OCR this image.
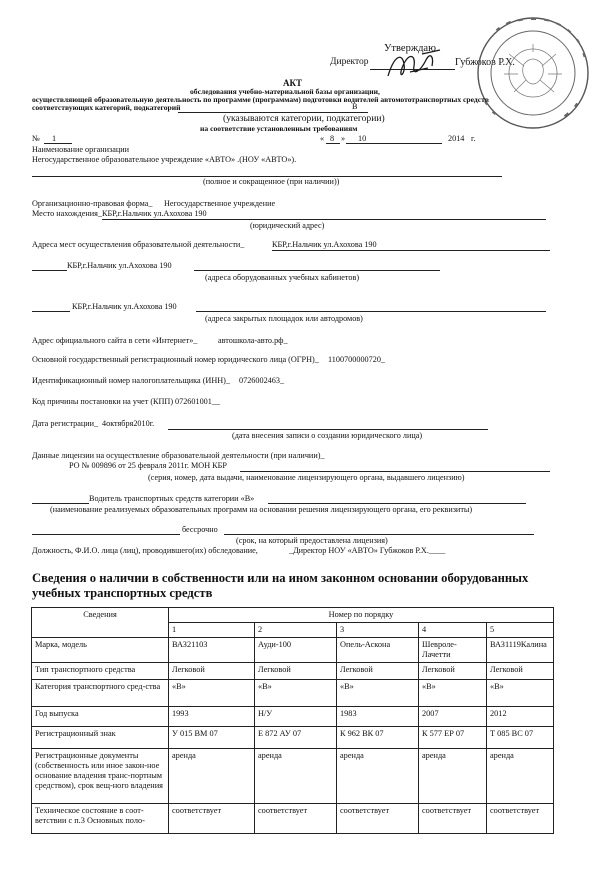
Утверждаю
Директор	Губжоков Р.Х.
АКТ
обследования учебно-материальной базы организации,
осуществляющей образовательную деятельность по программе (программам) подготовки водителей автомототранспортных средств
соответствующих категорий, подкатегорий	В
(указываются категории, подкатегории)
на соответствие установленным требованиям
№ 1	« 8 » 10	2014 г.
Наименование организации
Негосударственное образовательное учреждение «АВТО» .(НОУ «АВТО»).
(полное и сокращенное (при наличии))
Организационно-правовая форма_ Негосударственное учреждение
Место нахождения_ КБР,г.Нальчик ул.Ахохова 190
(юридический адрес)
Адреса мест осуществления образовательной деятельности_	КБР,г.Нальчик ул.Ахохова 190
КБР,г.Нальчик ул.Ахохова 190
(адреса оборудованных учебных кабинетов)
КБР,г.Нальчик ул.Ахохова 190
(адреса закрытых площадок или автодромов)
Адрес официального сайта в сети «Интернет»_	автошкола-авто.рф_
Основной государственный регистрационный номер юридического лица (ОГРН)_ 1100700000720_
Идентификационный номер налогоплательщика (ИНН)_ 0726002463_
Код причины постановки на учет (КПП) 072601001__
Дата регистрации_ 4октября2010г.
(дата внесения записи о создании юридического лица)
Данные лицензии на осуществление образовательной деятельности (при наличии)_
РО № 009896 от 25 февраля 2011г. МОН КБР
(серия, номер, дата выдачи, наименование лицензирующего органа, выдавшего лицензию)
Водитель транспортных средств категории «В»
(наименование реализуемых образовательных программ на основании решения лицензирующего органа, его реквизиты)
бессрочно
(срок, на который предоставлена лицензия)
Должность, Ф.И.О. лица (лиц), проводившего(их) обследование,	_Директор НОУ «АВТО» Губжоков Р.Х.____
Сведения о наличии в собственности или на ином законном основании оборудованных
учебных транспортных средств
Сведения	Номер по порядку				
	1	2	3	4	5
Марка, модель	ВАЗ21103	Ауди-100	Опель-Аскона	Шевроле-Лачетти	ВАЗ1119Калина
Тип транспортного средства	Легковой	Легковой	Легковой	Легковой	Легковой
Категория транспортного сред-ства	«В»	«В»	«В»	«В»	«В»
Год выпуска	1993	Н/У	1983	2007	2012
Регистрационный знак	У 015 ВМ 07	Е 872 АУ 07	К 962 ВК 07	К 577 ЕР 07	Т 085 ВС 07
Регистрационные документы (собственность или иное закон-ное основание владения транс-портным средством), срок вещ-ного владения	аренда	аренда	аренда	аренда	аренда
Техническое состояние в соот-ветствии с п.3 Основных поло-	соответствует	соответствует	соответствует	соответствует	соответствует
